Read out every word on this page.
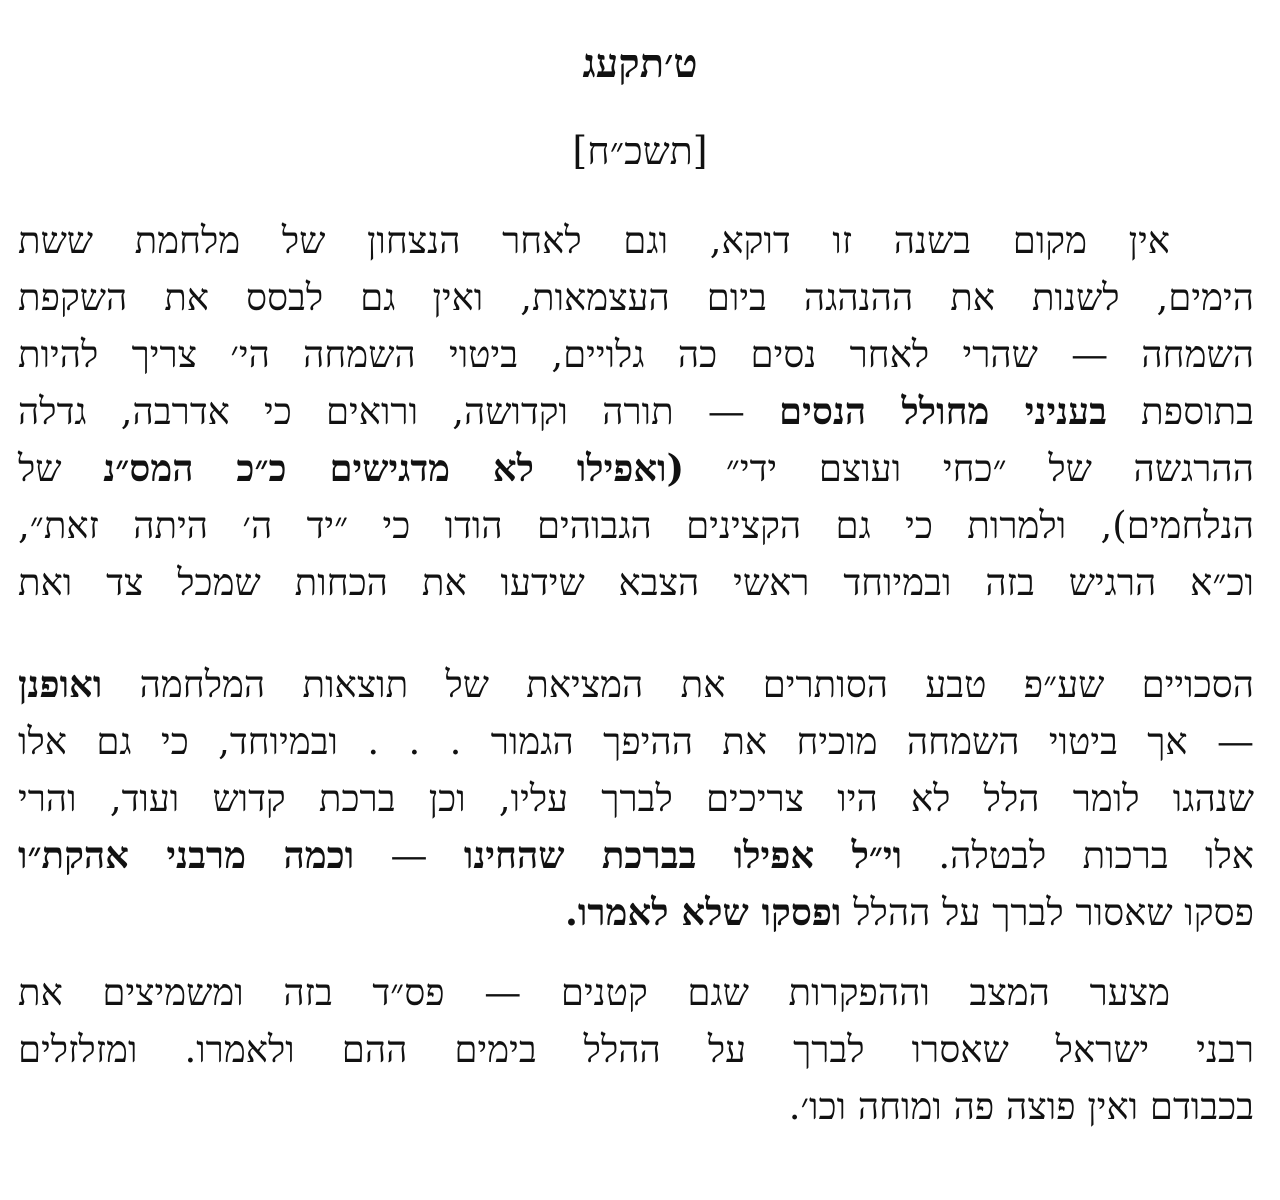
ט׳תקעג
[תשכ״ח]
אין מקום בשנה זו דוקא, וגם לאחר הנצחון של מלחמת ששת
הימים, לשנות את ההנהגה ביום העצמאות, ואין גם לבסס את השקפת
השמחה — שהרי לאחר נסים כה גלויים, ביטוי השמחה הי׳ צריך להיות
בתוספת בעניני מחולל הנסים — תורה וקדושה, ורואים כי אדרבה, גדלה
ההרגשה של ״כחי ועוצם ידי״ (ואפילו לא מדגישים כ״כ המס״נ של
הנלחמים), ולמרות כי גם הקצינים הגבוהים הודו כי ״יד ה׳ היתה זאת״,
וכ״א הרגיש בזה ובמיוחד ראשי הצבא שידעו את הכחות שמכל צד ואת
הסכויים שע״פ טבע הסותרים את המציאת של תוצאות המלחמה ואופנן
— אך ביטוי השמחה מוכיח את ההיפך הגמור . . . ובמיוחד, כי גם אלו
שנהגו לומר הלל לא היו צריכים לברך עליו, וכן ברכת קדוש ועוד, והרי
אלו ברכות לבטלה. וי״ל אפילו בברכת שהחינו — וכמה מרבני אהקת״ו
פסקו שאסור לברך על ההלל ופסקו שלא לאמרו.
מצער המצב וההפקרות שגם קטנים — פס״ד בזה ומשמיצים את
רבני ישראל שאסרו לברך על ההלל בימים ההם ולאמרו. ומזלזלים
בכבודם ואין פוצה פה ומוחה וכו׳.
